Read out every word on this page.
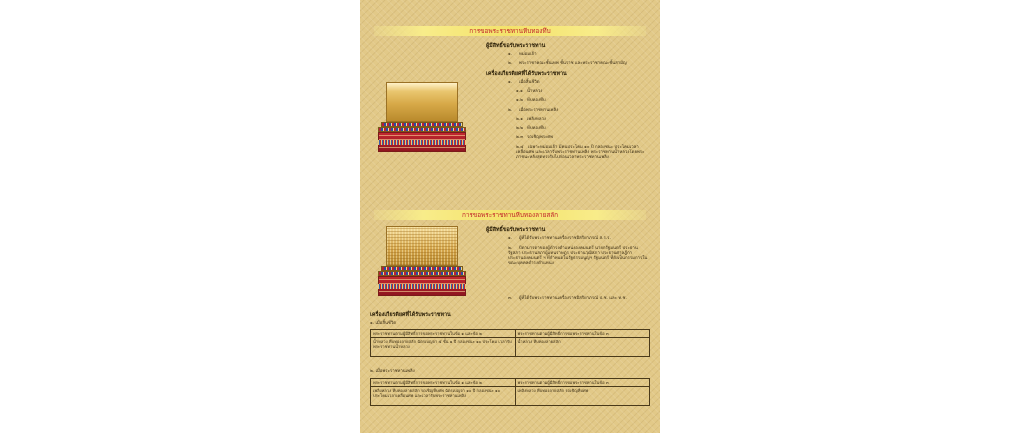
การขอพระราชทานหีบทองทึบ
ผู้มีสิทธิ์ขอรับพระราชทาน
๑. หม่อมเจ้า
๒. พระราชาคณะชั้นเทพ ชั้นราช และพระราชาคณะชั้นสามัญ
เครื่องเกียรติยศที่ได้รับพระราชทาน
๑. เมื่อสิ้นชีวิต
๑.๑ น้ำหลวง
๑.๒ หีบทองทึบ
๒. เมื่อพระราชทานเพลิง
๒.๑ เพลิงหลวง
๒.๒ หีบทองทึบ
๒.๓ รถเชิญพระศพ
๒.๔ เฉพาะหม่อมเจ้า มีคนประโคม ๑๐ ปี กลองชนะ ประโคมเวลาเคลื่อนศพ และเวลารับพระราชทานเพลิง พระราชทานน้ำหลวงโดยพระภาชนะหลังสุดทรงรับไปก่อนเวลาพระราชทานเพลิง
การขอพระราชทานหีบทองลายสลัก
ผู้มีสิทธิ์ขอรับพระราชทาน
๑. ผู้ที่ได้รับพระราชทานเครื่องราชอิสริยาภรณ์ ส.ร.ร.
๒. บิดามารดาของผู้ดำรงตำแหน่งองคมนตรี นายกรัฐมนตรี ประธานรัฐสภา ประธานสภาผู้แทนราษฎร ประธานวุฒิสภา ประธานศาลฎีกา ประธานองคมนตรี ฯ ที่กำหนดในรัฐธรรมนูญฯ รัฐมนตรี ที่ยังเป็นกรรมการในขณะบุคคลดำรงตำแหน่ง
๓. ผู้ที่ได้รับพระราชทานเครื่องราชอิสริยาภรณ์ ป.ช. และ ท.ช.
เครื่องเกียรติยศที่ได้รับพระราชทาน
๑. เมื่อสิ้นชีวิต
พระราชทานตามผู้มีสิทธิ์การขอพระราชทานในข้อ ๑ และข้อ ๒	พระราชทานตามผู้มีสิทธิ์การขอพระราชทานในข้อ ๓
น้ำหลวง หีบทองลายสลัก ฉัตรเบญจา ๕ ชั้น ๑ ปี กลองชนะ ๑๐ ประโคม เวลารับพระราชทานน้ำหลวง	น้ำหลวง หีบทองลายสลัก
๒. เมื่อพระราชทานเพลิง
พระราชทานตามผู้มีสิทธิ์การขอพระราชทานในข้อ ๑ และข้อ ๒	พระราชทานตามผู้มีสิทธิ์การขอพระราชทานในข้อ ๓
เพลิงหลวง หีบทองลายสลัก รถเชิญหีบศพ ฉัตรเบญจา ๑๐ ปี กลองชนะ ๑๐ ประโคมเวลาเคลื่อนศพ และเวลารับพระราชทานเพลิง	เพลิงหลวง หีบทองลายสลัก รถเชิญหีบศพ
